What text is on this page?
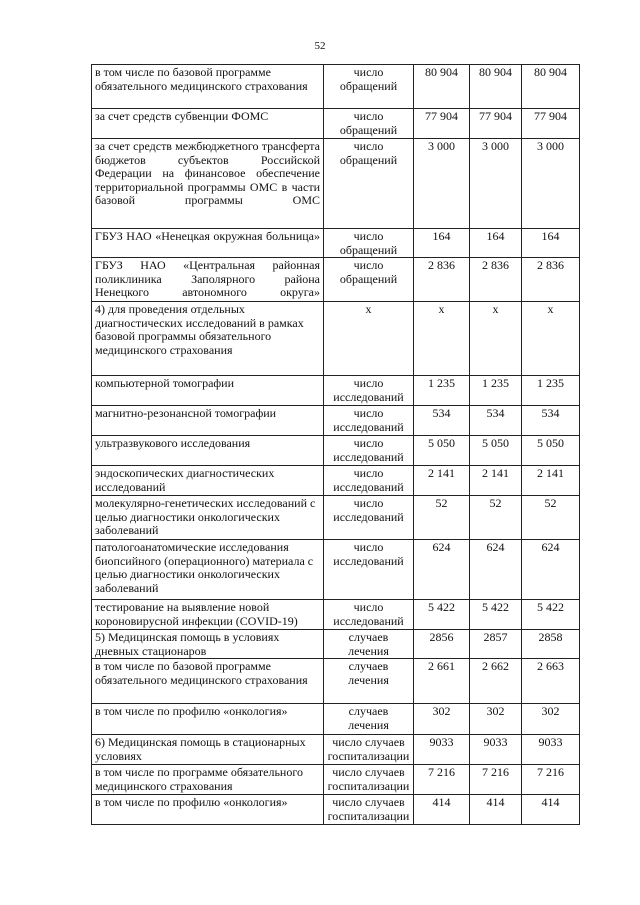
52
в том числе по базовой программе обязательного медицинского страхования	число обращений	80 904	80 904	80 904
за счет средств субвенции ФОМС	число обращений	77 904	77 904	77 904
за счет средств межбюджетного трансферта бюджетов субъектов Российской Федерации на финансовое обеспечение территориальной программы ОМС в части базовой программы ОМС	число обращений	3 000	3 000	3 000
ГБУЗ НАО «Ненецкая окружная больница»	число обращений	164	164	164
ГБУЗ НАО «Центральная районная поликлиника Заполярного района Ненецкого автономного округа»	число обращений	2 836	2 836	2 836
4) для проведения отдельных диагностических исследований в рамках базовой программы обязательного медицинского страхования	х	х	х	х
компьютерной томографии	число исследований	1 235	1 235	1 235
магнитно-резонансной томографии	число исследований	534	534	534
ультразвукового исследования	число исследований	5 050	5 050	5 050
эндоскопических диагностических исследований	число исследований	2 141	2 141	2 141
молекулярно-генетических исследований с целью диагностики онкологических заболеваний	число исследований	52	52	52
патологоанатомические исследования биопсийного (операционного) материала с целью диагностики онкологических заболеваний	число исследований	624	624	624
тестирование на выявление новой короновирусной инфекции (COVID-19)	число исследований	5 422	5 422	5 422
5) Медицинская помощь в условиях дневных стационаров	случаев лечения	2856	2857	2858
в том числе по базовой программе обязательного медицинского страхования	случаев лечения	2 661	2 662	2 663
в том числе по профилю «онкология»	случаев лечения	302	302	302
6) Медицинская помощь в стационарных условиях	число случаев госпитализации	9033	9033	9033
в том числе по программе обязательного медицинского страхования	число случаев госпитализации	7 216	7 216	7 216
в том числе по профилю «онкология»	число случаев госпитализации	414	414	414
